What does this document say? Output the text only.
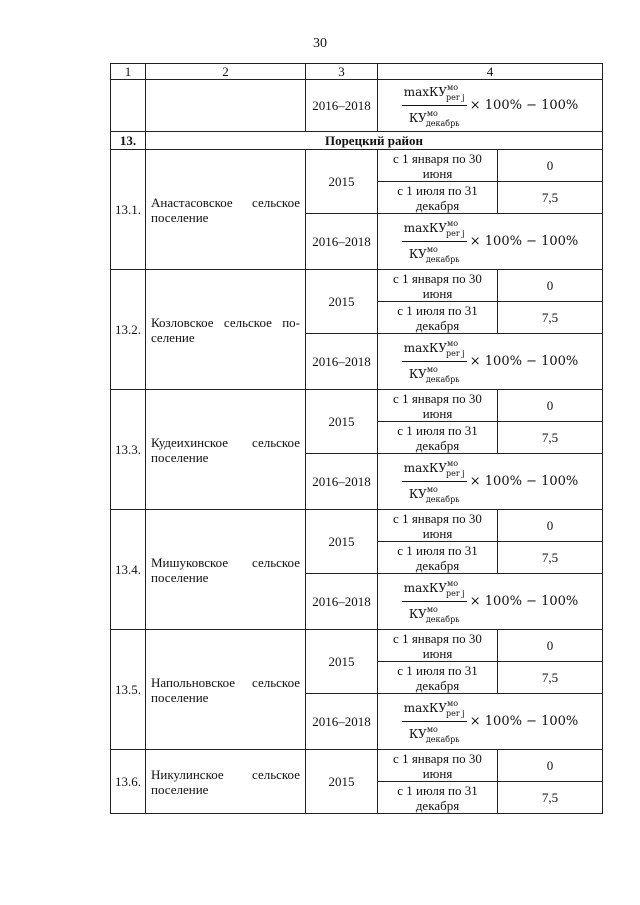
30
1	2	3	4	
		2016–2018	$\frac{\max КУ^{мо}_{per j}}{КУ^{мо}_{декабрь}} \times 100\% - 100\%$	
13.	Порецкий район			
13.1.	Анастасовское сельское поселение	2015	с 1 января по 30 июня	0
			с 1 июля по 31 декабря	7,5
		2016–2018	$\frac{\max КУ^{мо}_{per j}}{КУ^{мо}_{декабрь}} \times 100\% - 100\%$	
13.2.	Козловское сельское по-селение	2015	с 1 января по 30 июня	0
			с 1 июля по 31 декабря	7,5
		2016–2018	$\frac{\max КУ^{мо}_{per j}}{КУ^{мо}_{декабрь}} \times 100\% - 100\%$	
13.3.	Кудеихинское сельское поселение	2015	с 1 января по 30 июня	0
			с 1 июля по 31 декабря	7,5
		2016–2018	$\frac{\max КУ^{мо}_{per j}}{КУ^{мо}_{декабрь}} \times 100\% - 100\%$	
13.4.	Мишуковское сельское поселение	2015	с 1 января по 30 июня	0
			с 1 июля по 31 декабря	7,5
		2016–2018	$\frac{\max КУ^{мо}_{per j}}{КУ^{мо}_{декабрь}} \times 100\% - 100\%$	
13.5.	Напольновское сельское поселение	2015	с 1 января по 30 июня	0
			с 1 июля по 31 декабря	7,5
		2016–2018	$\frac{\max КУ^{мо}_{per j}}{КУ^{мо}_{декабрь}} \times 100\% - 100\%$	
13.6.	Никулинское сельское поселение	2015	с 1 января по 30 июня	0
			с 1 июля по 31 декабря	7,5
